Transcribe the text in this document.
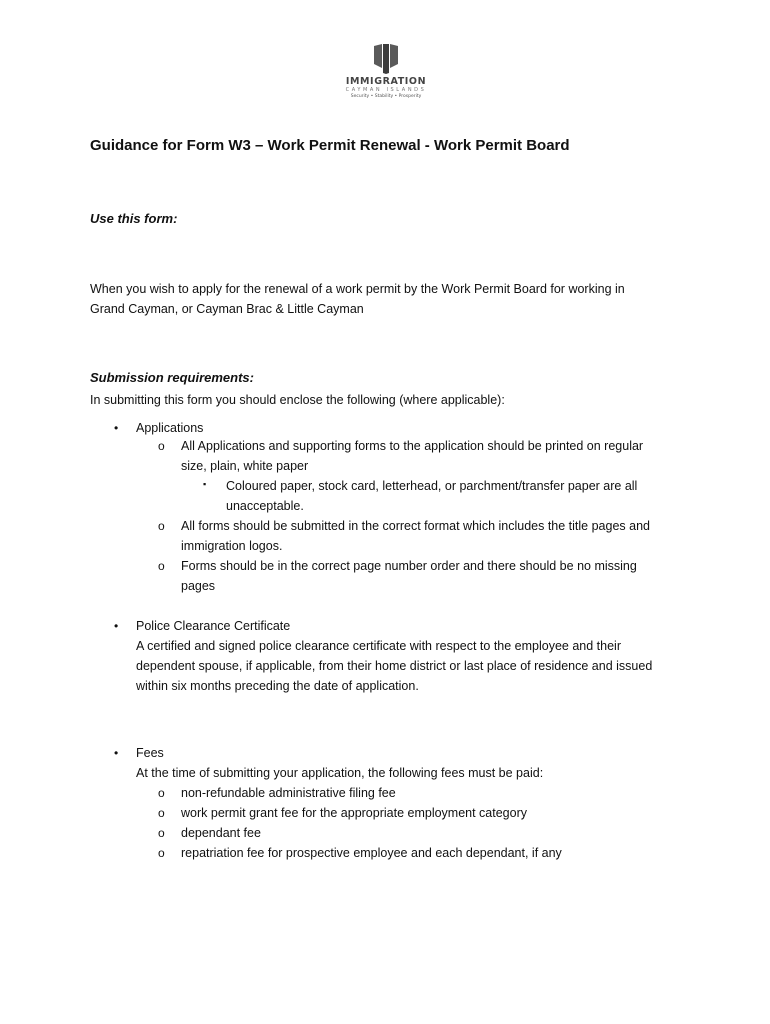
IMMIGRATION
CAYMAN ISLANDS
Security • Stability • Prosperity
Guidance for Form W3 – Work Permit Renewal - Work Permit Board
Use this form:
When you wish to apply for the renewal of a work permit by the Work Permit Board for working in
Grand Cayman, or Cayman Brac & Little Cayman
Submission requirements:
In submitting this form you should enclose the following (where applicable):
• Applications
o All Applications and supporting forms to the application should be printed on regular
size, plain, white paper
▪ Coloured paper, stock card, letterhead, or parchment/transfer paper are all
unacceptable.
o All forms should be submitted in the correct format which includes the title pages and
immigration logos.
o Forms should be in the correct page number order and there should be no missing
pages
• Police Clearance Certificate
A certified and signed police clearance certificate with respect to the employee and their
dependent spouse, if applicable, from their home district or last place of residence and issued
within six months preceding the date of application.
• Fees
At the time of submitting your application, the following fees must be paid:
o non-refundable administrative filing fee
o work permit grant fee for the appropriate employment category
o dependant fee
o repatriation fee for prospective employee and each dependant, if any
